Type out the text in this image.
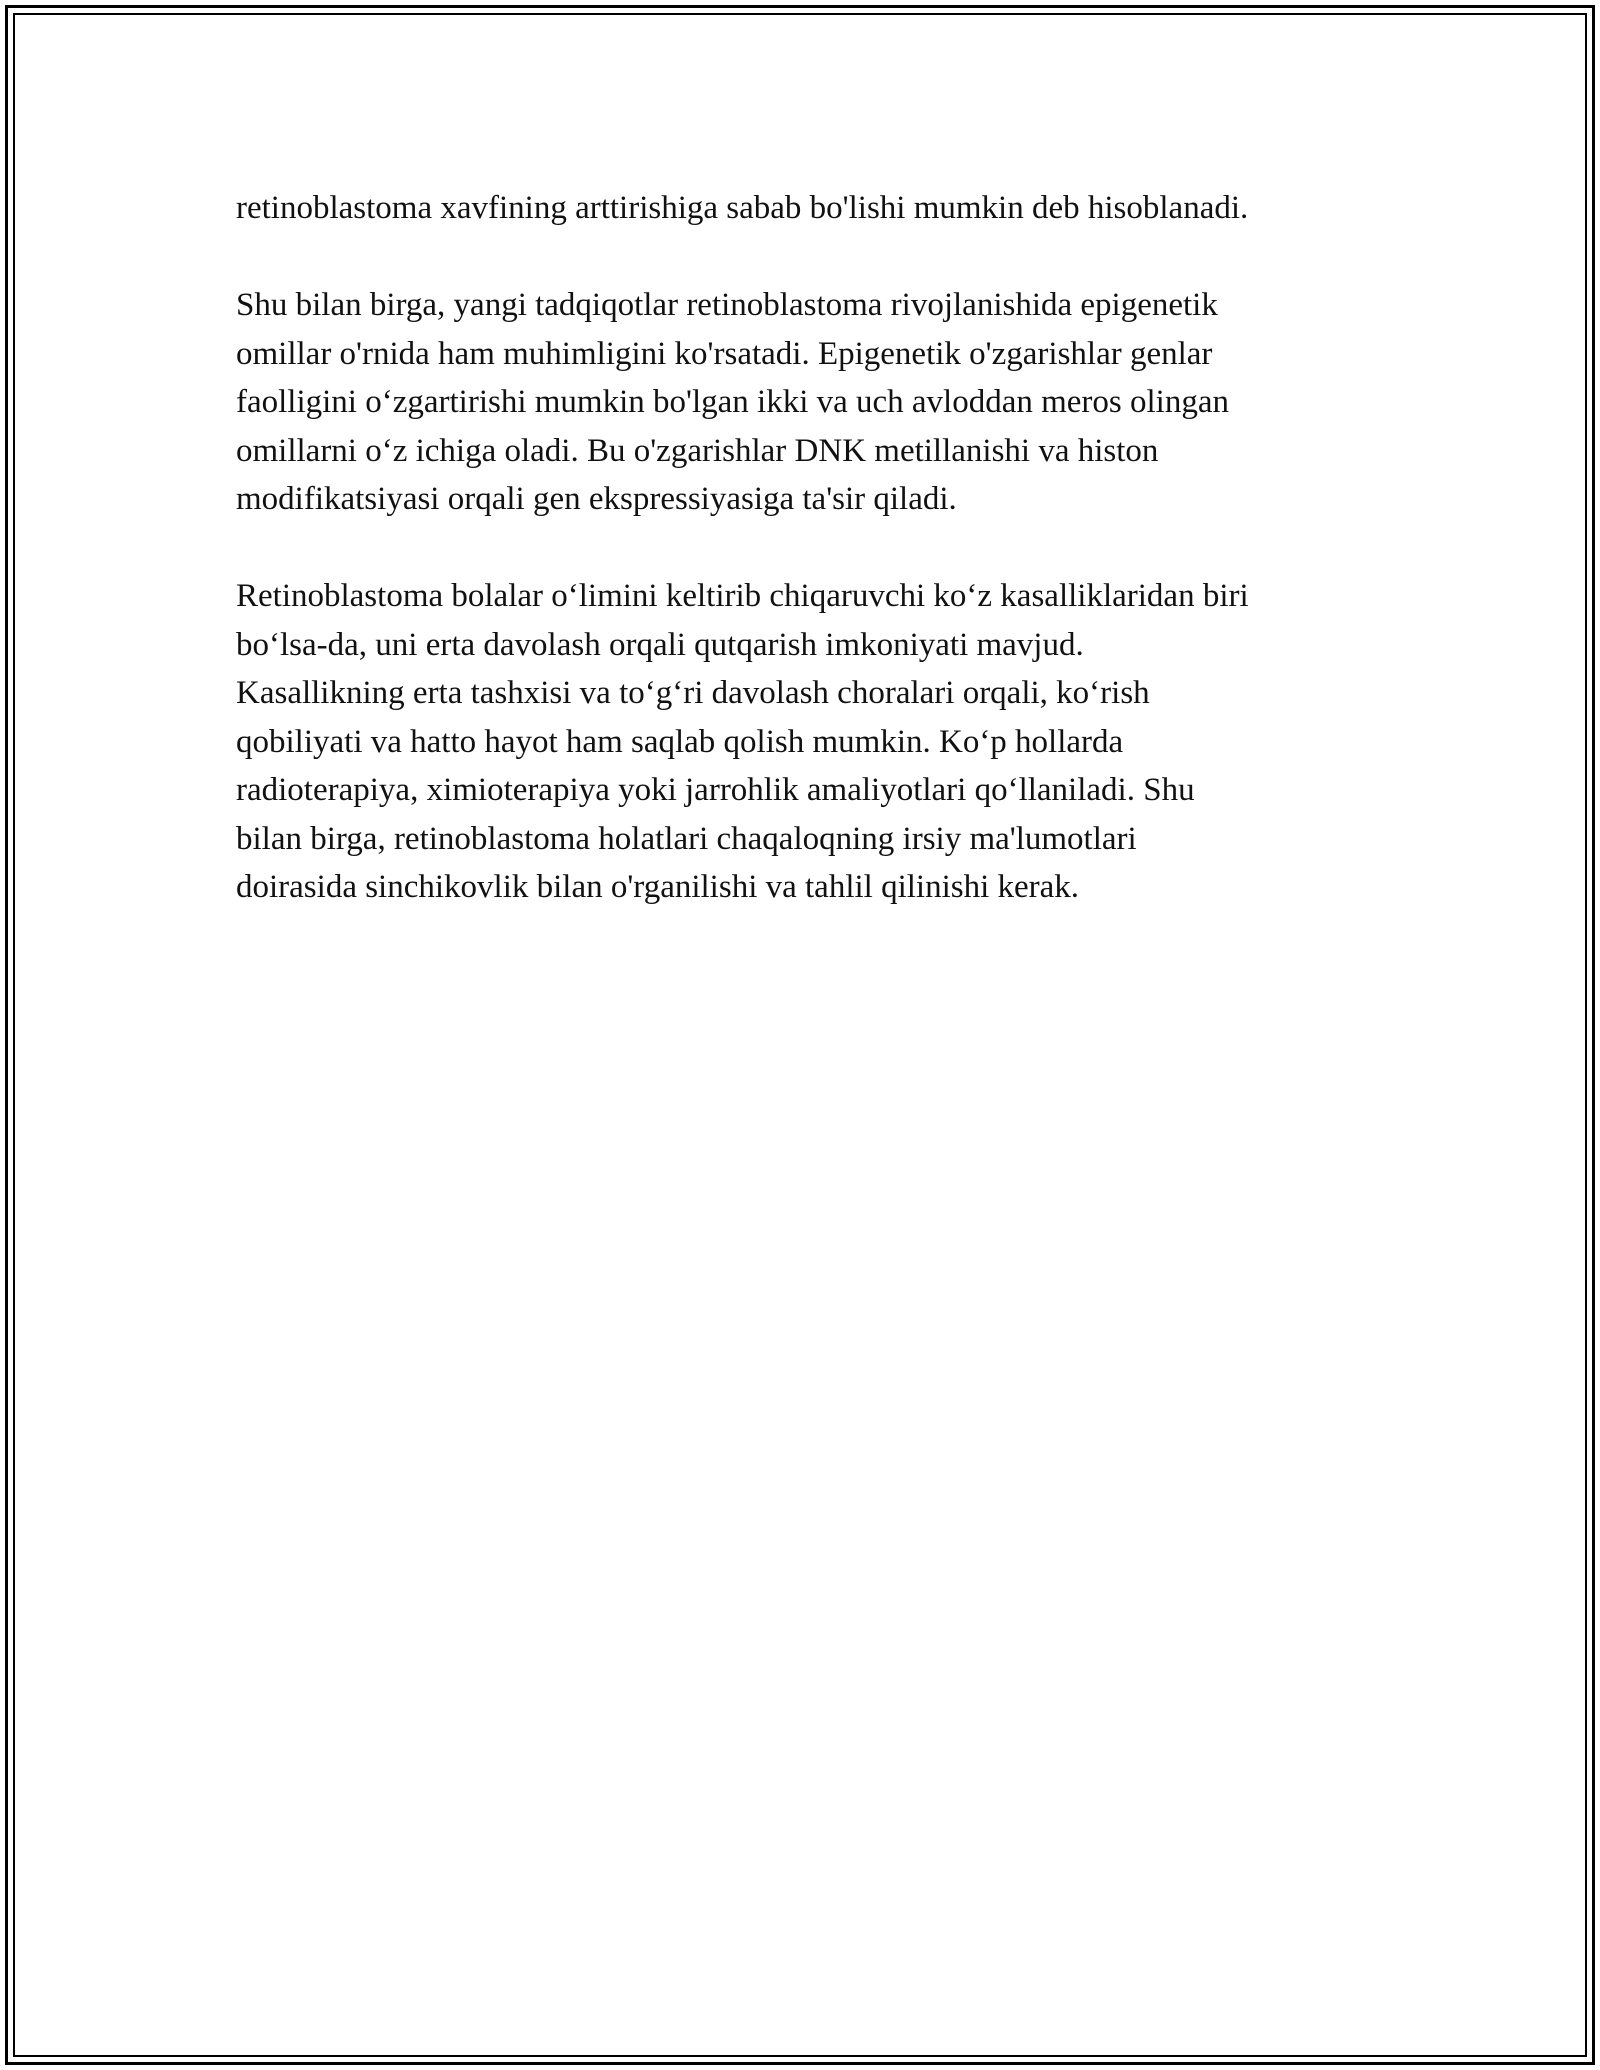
retinoblastoma xavfining arttirishiga sabab bo'lishi mumkin deb hisoblanadi.

Shu bilan birga, yangi tadqiqotlar retinoblastoma rivojlanishida epigenetik
omillar o'rnida ham muhimligini ko'rsatadi. Epigenetik o'zgarishlar genlar
faolligini o‘zgartirishi mumkin bo'lgan ikki va uch avloddan meros olingan
omillarni o‘z ichiga oladi. Bu o'zgarishlar DNK metillanishi va histon
modifikatsiyasi orqali gen ekspressiyasiga ta'sir qiladi.

Retinoblastoma bolalar o‘limini keltirib chiqaruvchi ko‘z kasalliklaridan biri
bo‘lsa-da, uni erta davolash orqali qutqarish imkoniyati mavjud.
Kasallikning erta tashxisi va to‘g‘ri davolash choralari orqali, ko‘rish
qobiliyati va hatto hayot ham saqlab qolish mumkin. Ko‘p hollarda
radioterapiya, ximioterapiya yoki jarrohlik amaliyotlari qo‘llaniladi. Shu
bilan birga, retinoblastoma holatlari chaqaloqning irsiy ma'lumotlari
doirasida sinchikovlik bilan o'rganilishi va tahlil qilinishi kerak.
